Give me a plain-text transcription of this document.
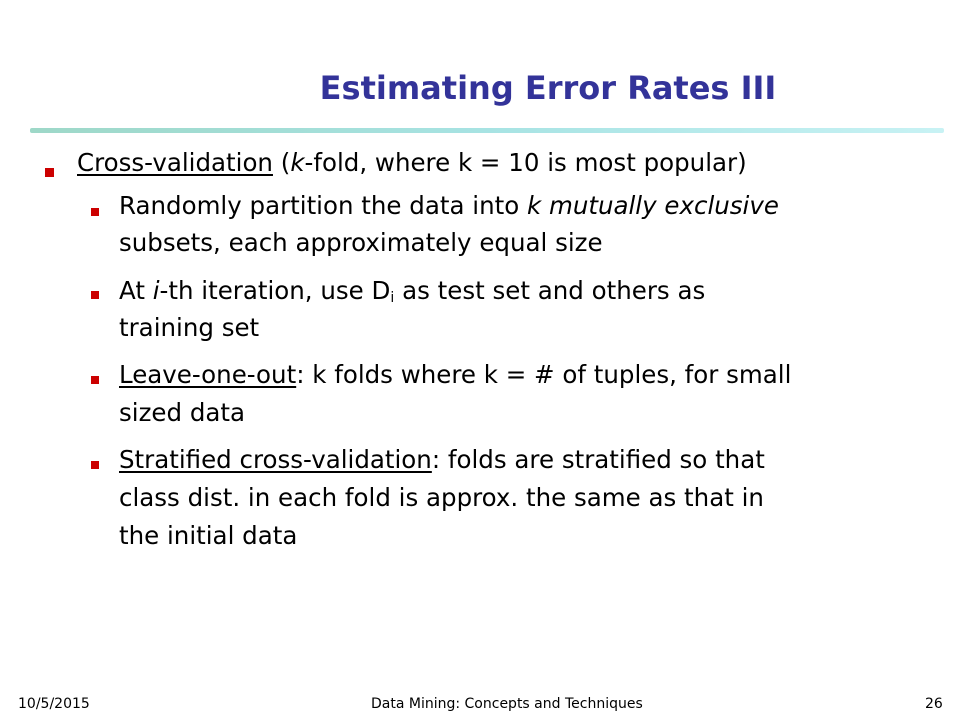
Estimating Error Rates III
Cross-validation (k-fold, where k = 10 is most popular)
Randomly partition the data into k mutually exclusive
subsets, each approximately equal size
At i-th iteration, use $D_i$ as test set and others as
training set
Leave-one-out: k folds where k = # of tuples, for small
sized data
Stratified cross-validation: folds are stratified so that
class dist. in each fold is approx. the same as that in
the initial data
10/5/2015	Data Mining: Concepts and Techniques	26
